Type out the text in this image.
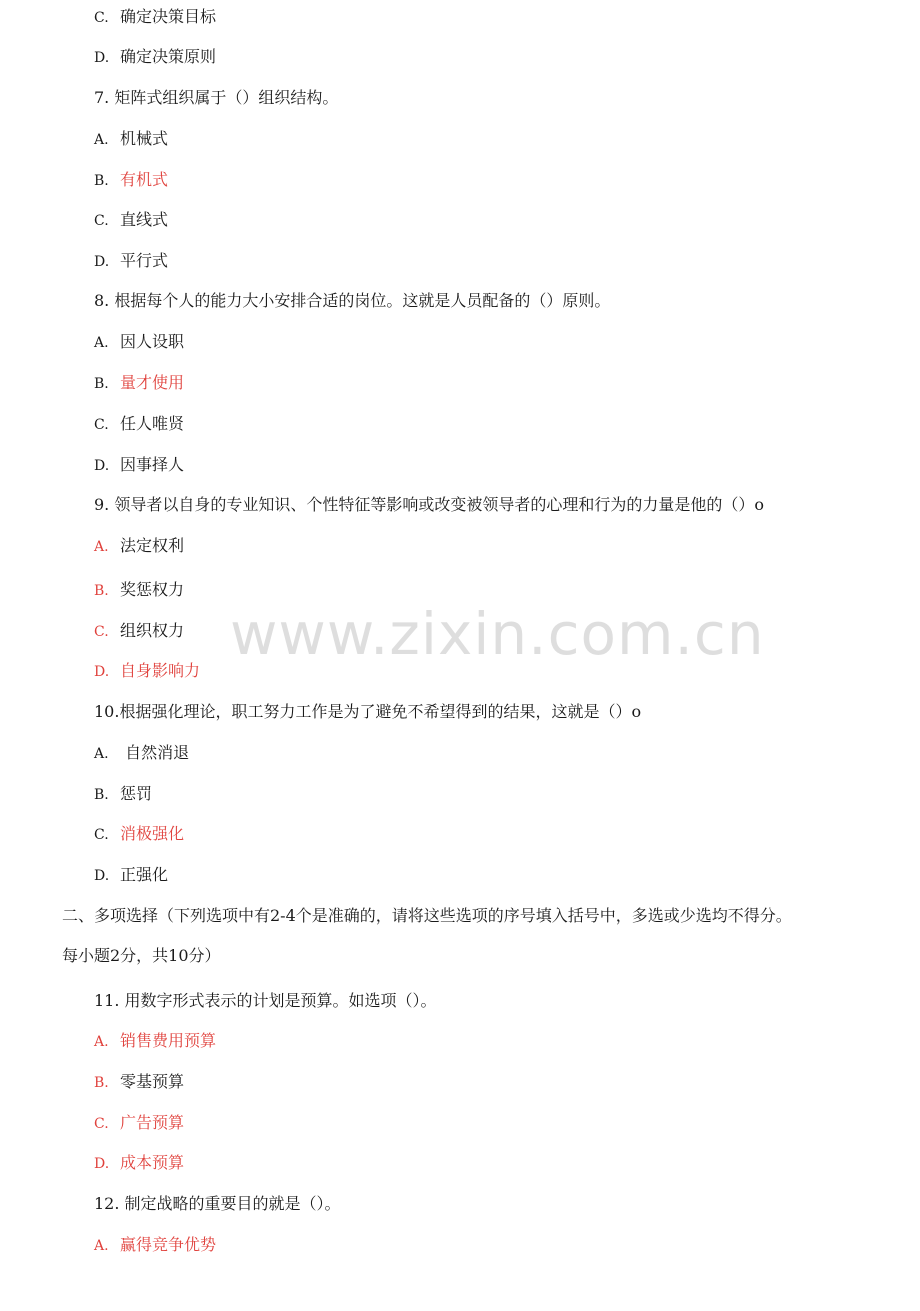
www.zixin.com.cn
C. 确定决策目标
D. 确定决策原则
7. 矩阵式组织属于（）组织结构。
A. 机械式
B. 有机式
C. 直线式
D. 平行式
8. 根据每个人的能力大小安排合适的岗位。这就是人员配备的（）原则。
A. 因人设职
B. 量才使用
C. 任人唯贤
D. 因事择人
9. 领导者以自身的专业知识、个性特征等影响或改变被领导者的心理和行为的力量是他的（）o
A. 法定权利
B. 奖惩权力
C. 组织权力
D. 自身影响力
10.根据强化理论，职工努力工作是为了避免不希望得到的结果，这就是（）o
A. 自然消退
B. 惩罚
C. 消极强化
D. 正强化
二、多项选择（下列选项中有2-4个是准确的，请将这些选项的序号填入括号中，多选或少选均不得分。
每小题2分，共10分）
11. 用数字形式表示的计划是预算。如选项（）。
A. 销售费用预算
B. 零基预算
C. 广告预算
D. 成本预算
12. 制定战略的重要目的就是（）。
A. 赢得竞争优势
